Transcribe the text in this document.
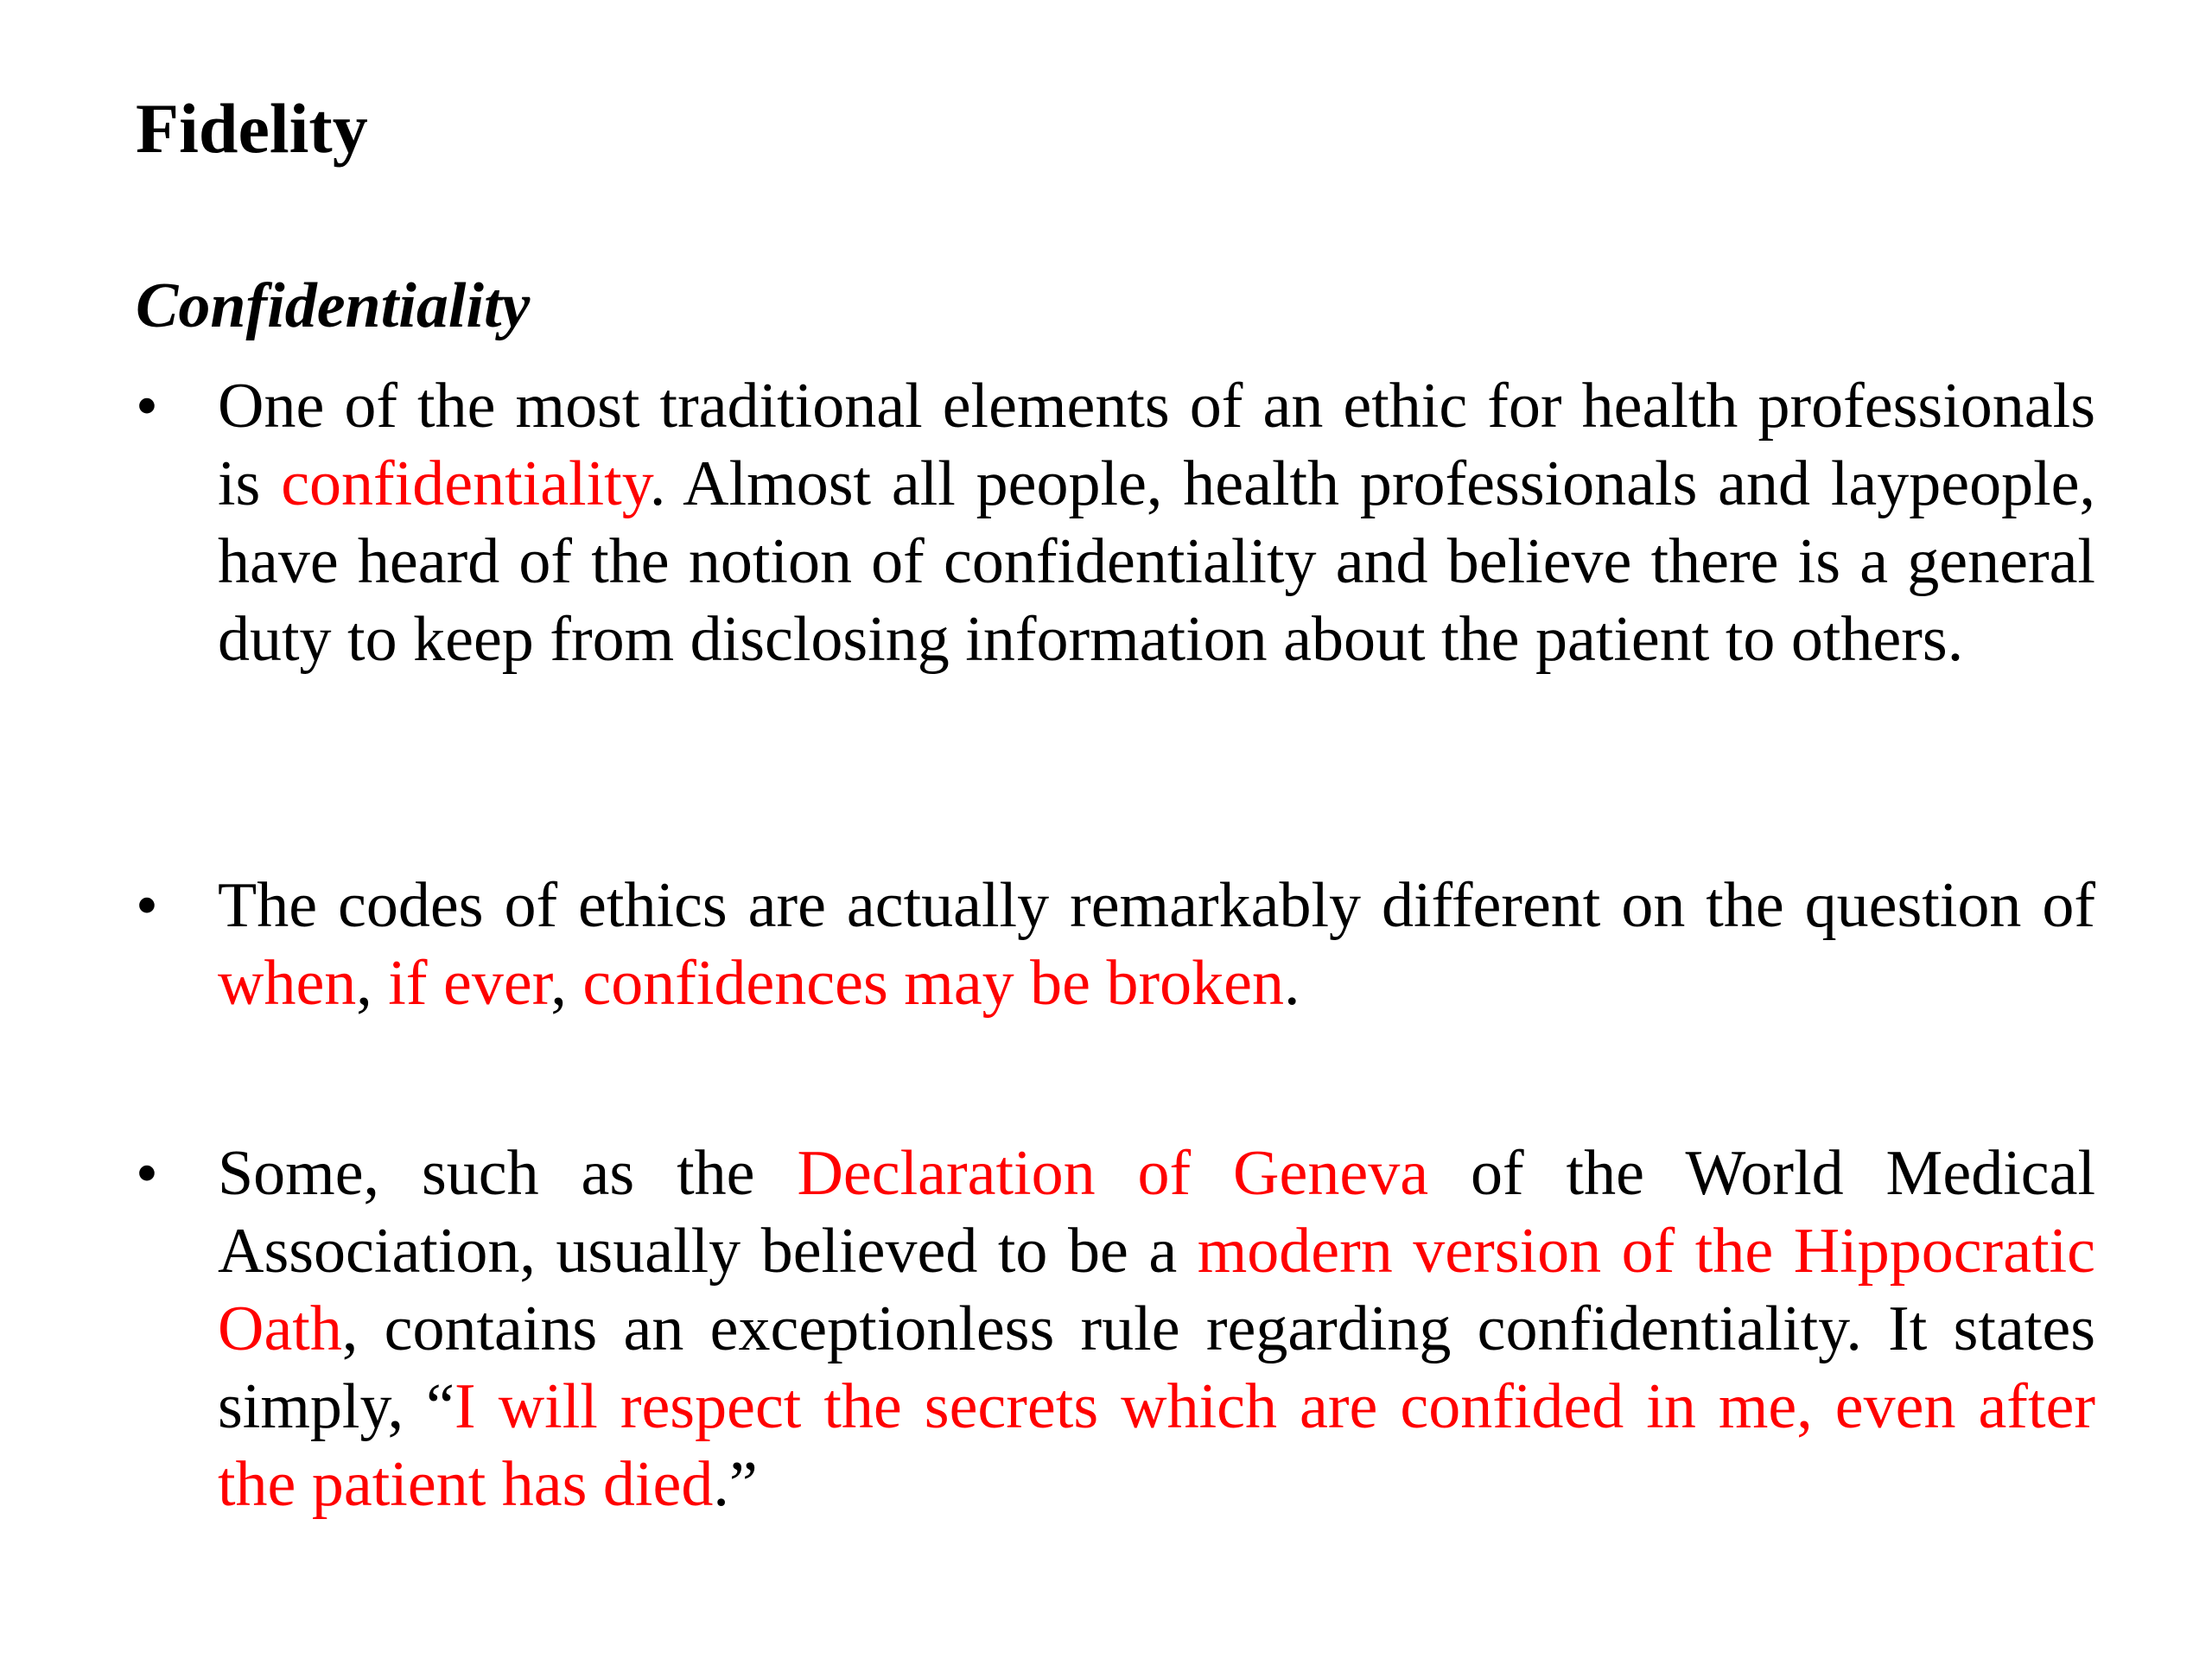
Fidelity
Confidentiality
• One of the most traditional elements of an ethic for health professionals is confidentiality. Almost all people, health professionals and laypeople, have heard of the notion of confidentiality and believe there is a general duty to keep from disclosing information about the patient to others.
• The codes of ethics are actually remarkably different on the question of when, if ever, confidences may be broken.
• Some, such as the Declaration of Geneva of the World Medical Association, usually believed to be a modern version of the Hippocratic Oath, contains an exceptionless rule regarding confidentiality. It states simply, “I will respect the secrets which are confided in me, even after the patient has died.”
